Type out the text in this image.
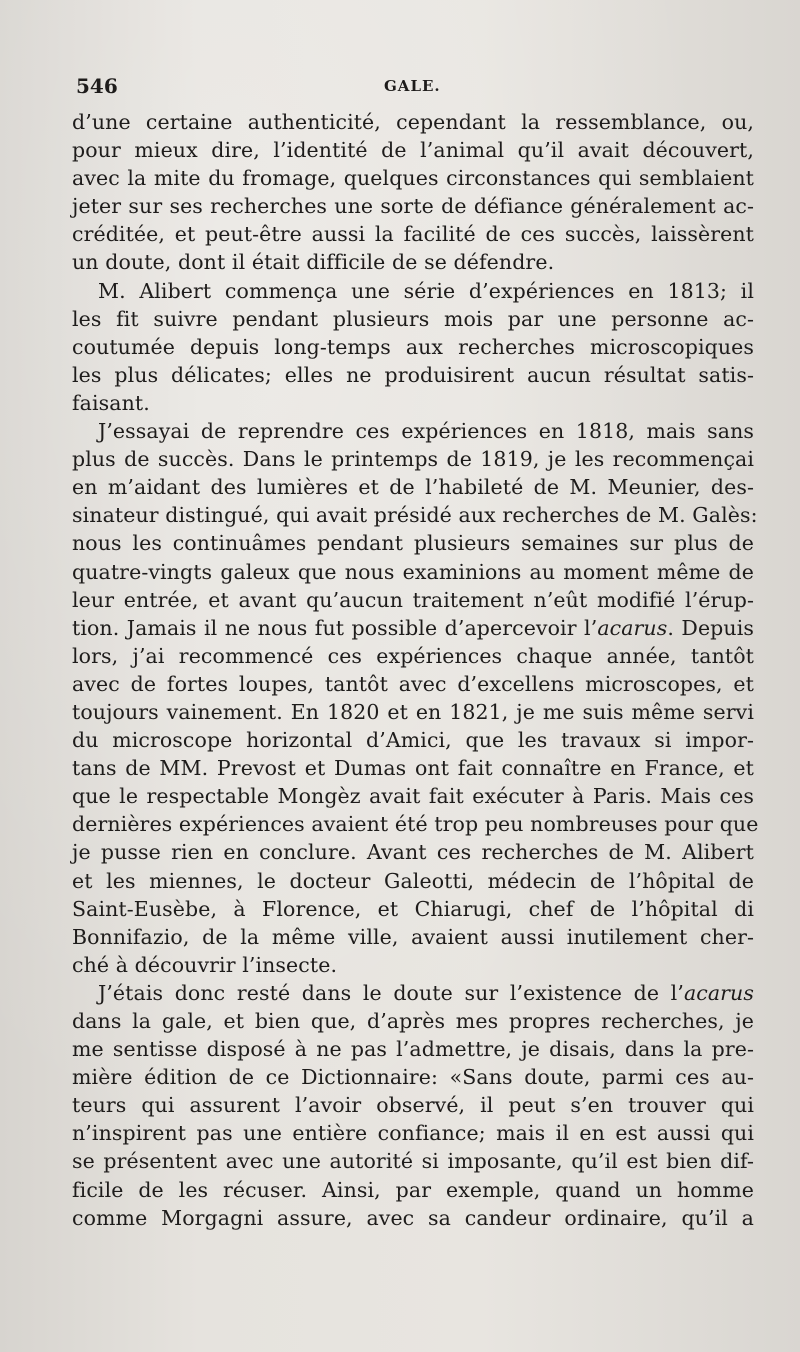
546	GALE.
d’une certaine authenticité, cependant la ressemblance, ou,
pour mieux dire, l’identité de l’animal qu’il avait découvert,
avec la mite du fromage, quelques circonstances qui semblaient
jeter sur ses recherches une sorte de défiance généralement ac-
créditée, et peut-être aussi la facilité de ces succès, laissèrent
un doute, dont il était difficile de se défendre.
M. Alibert commença une série d’expériences en 1813; il
les fit suivre pendant plusieurs mois par une personne ac-
coutumée depuis long-temps aux recherches microscopiques
les plus délicates; elles ne produisirent aucun résultat satis-
faisant.
J’essayai de reprendre ces expériences en 1818, mais sans
plus de succès. Dans le printemps de 1819, je les recommençai
en m’aidant des lumières et de l’habileté de M. Meunier, des-
sinateur distingué, qui avait présidé aux recherches de M. Galès:
nous les continuâmes pendant plusieurs semaines sur plus de
quatre-vingts galeux que nous examinions au moment même de
leur entrée, et avant qu’aucun traitement n’eût modifié l’érup-
tion. Jamais il ne nous fut possible d’apercevoir l’acarus. Depuis
lors, j’ai recommencé ces expériences chaque année, tantôt
avec de fortes loupes, tantôt avec d’excellens microscopes, et
toujours vainement. En 1820 et en 1821, je me suis même servi
du microscope horizontal d’Amici, que les travaux si impor-
tans de MM. Prevost et Dumas ont fait connaître en France, et
que le respectable Mongèz avait fait exécuter à Paris. Mais ces
dernières expériences avaient été trop peu nombreuses pour que
je pusse rien en conclure. Avant ces recherches de M. Alibert
et les miennes, le docteur Galeotti, médecin de l’hôpital de
Saint-Eusèbe, à Florence, et Chiarugi, chef de l’hôpital di
Bonnifazio, de la même ville, avaient aussi inutilement cher-
ché à découvrir l’insecte.
J’étais donc resté dans le doute sur l’existence de l’acarus
dans la gale, et bien que, d’après mes propres recherches, je
me sentisse disposé à ne pas l’admettre, je disais, dans la pre-
mière édition de ce Dictionnaire: «Sans doute, parmi ces au-
teurs qui assurent l’avoir observé, il peut s’en trouver qui
n’inspirent pas une entière confiance; mais il en est aussi qui
se présentent avec une autorité si imposante, qu’il est bien dif-
ficile de les récuser. Ainsi, par exemple, quand un homme
comme Morgagni assure, avec sa candeur ordinaire, qu’il a
